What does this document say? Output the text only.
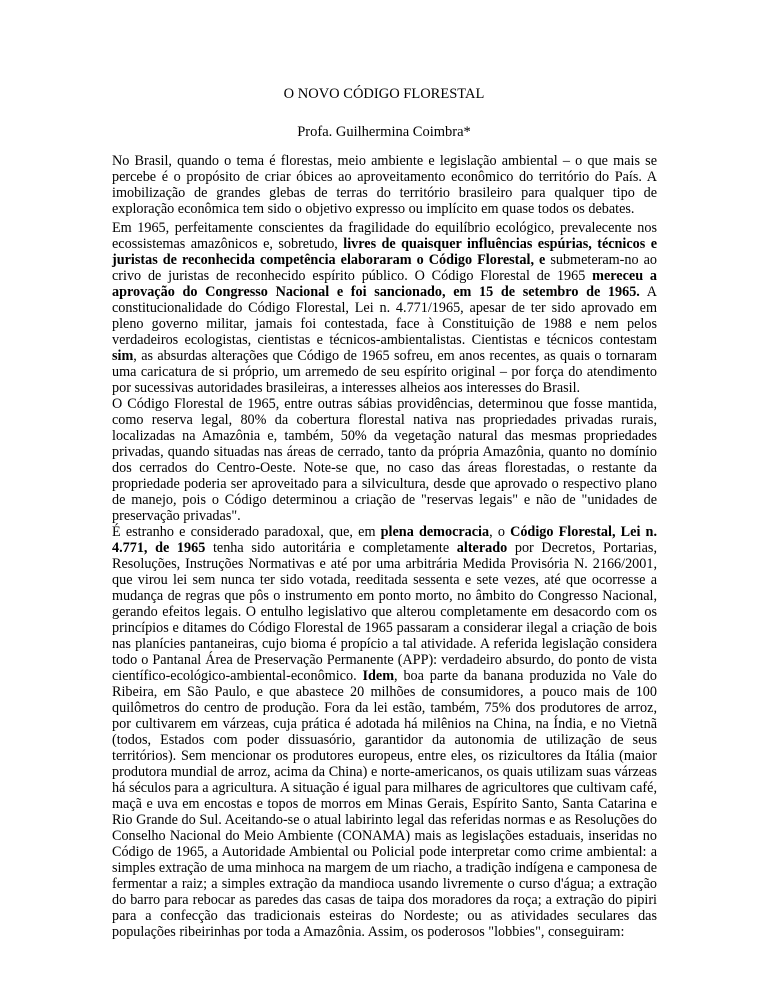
O NOVO CÓDIGO FLORESTAL
Profa. Guilhermina Coimbra*

No Brasil, quando o tema é florestas, meio ambiente e legislação ambiental – o que mais se percebe é o propósito de criar óbices ao aproveitamento econômico do território do País. A imobilização de grandes glebas de terras do território brasileiro para qualquer tipo de exploração econômica tem sido o objetivo expresso ou implícito em quase todos os debates.

Em 1965, perfeitamente conscientes da fragilidade do equilíbrio ecológico, prevalecente nos ecossistemas amazônicos e, sobretudo, livres de quaisquer influências espúrias, técnicos e juristas de reconhecida competência elaboraram o Código Florestal, e submeteram-no ao crivo de juristas de reconhecido espírito público. O Código Florestal de 1965 mereceu a aprovação do Congresso Nacional e foi sancionado, em 15 de setembro de 1965. A constitucionalidade do Código Florestal, Lei n. 4.771/1965, apesar de ter sido aprovado em pleno governo militar, jamais foi contestada, face à Constituição de 1988 e nem pelos verdadeiros ecologistas, cientistas e técnicos-ambientalistas. Cientistas e técnicos contestam sim, as absurdas alterações que Código de 1965 sofreu, em anos recentes, as quais o tornaram uma caricatura de si próprio, um arremedo de seu espírito original – por força do atendimento por sucessivas autoridades brasileiras, a interesses alheios aos interesses do Brasil.

O Código Florestal de 1965, entre outras sábias providências, determinou que fosse mantida, como reserva legal, 80% da cobertura florestal nativa nas propriedades privadas rurais, localizadas na Amazônia e, também, 50% da vegetação natural das mesmas propriedades privadas, quando situadas nas áreas de cerrado, tanto da própria Amazônia, quanto no domínio dos cerrados do Centro-Oeste. Note-se que, no caso das áreas florestadas, o restante da propriedade poderia ser aproveitado para a silvicultura, desde que aprovado o respectivo plano de manejo, pois o Código determinou a criação de "reservas legais" e não de "unidades de preservação privadas".

É estranho e considerado paradoxal, que, em plena democracia, o Código Florestal, Lei n. 4.771, de 1965 tenha sido autoritária e completamente alterado por Decretos, Portarias, Resoluções, Instruções Normativas e até por uma arbitrária Medida Provisória N. 2166/2001, que virou lei sem nunca ter sido votada, reeditada sessenta e sete vezes, até que ocorresse a mudança de regras que pôs o instrumento em ponto morto, no âmbito do Congresso Nacional, gerando efeitos legais. O entulho legislativo que alterou completamente em desacordo com os princípios e ditames do Código Florestal de 1965 passaram a considerar ilegal a criação de bois nas planícies pantaneiras, cujo bioma é propício a tal atividade. A referida legislação considera todo o Pantanal Área de Preservação Permanente (APP): verdadeiro absurdo, do ponto de vista científico-ecológico-ambiental-econômico. Idem, boa parte da banana produzida no Vale do Ribeira, em São Paulo, e que abastece 20 milhões de consumidores, a pouco mais de 100 quilômetros do centro de produção. Fora da lei estão, também, 75% dos produtores de arroz, por cultivarem em várzeas, cuja prática é adotada há milênios na China, na Índia, e no Vietnã (todos, Estados com poder dissuasório, garantidor da autonomia de utilização de seus territórios). Sem mencionar os produtores europeus, entre eles, os rizicultores da Itália (maior produtora mundial de arroz, acima da China) e norte-americanos, os quais utilizam suas várzeas há séculos para a agricultura. A situação é igual para milhares de agricultores que cultivam café, maçã e uva em encostas e topos de morros em Minas Gerais, Espírito Santo, Santa Catarina e Rio Grande do Sul. Aceitando-se o atual labirinto legal das referidas normas e as Resoluções do Conselho Nacional do Meio Ambiente (CONAMA) mais as legislações estaduais, inseridas no Código de 1965, a Autoridade Ambiental ou Policial pode interpretar como crime ambiental: a simples extração de uma minhoca na margem de um riacho, a tradição indígena e camponesa de fermentar a raiz; a simples extração da mandioca usando livremente o curso d'água; a extração do barro para rebocar as paredes das casas de taipa dos moradores da roça; a extração do pipiri para a confecção das tradicionais esteiras do Nordeste; ou as atividades seculares das populações ribeirinhas por toda a Amazônia. Assim, os poderosos "lobbies", conseguiram:
